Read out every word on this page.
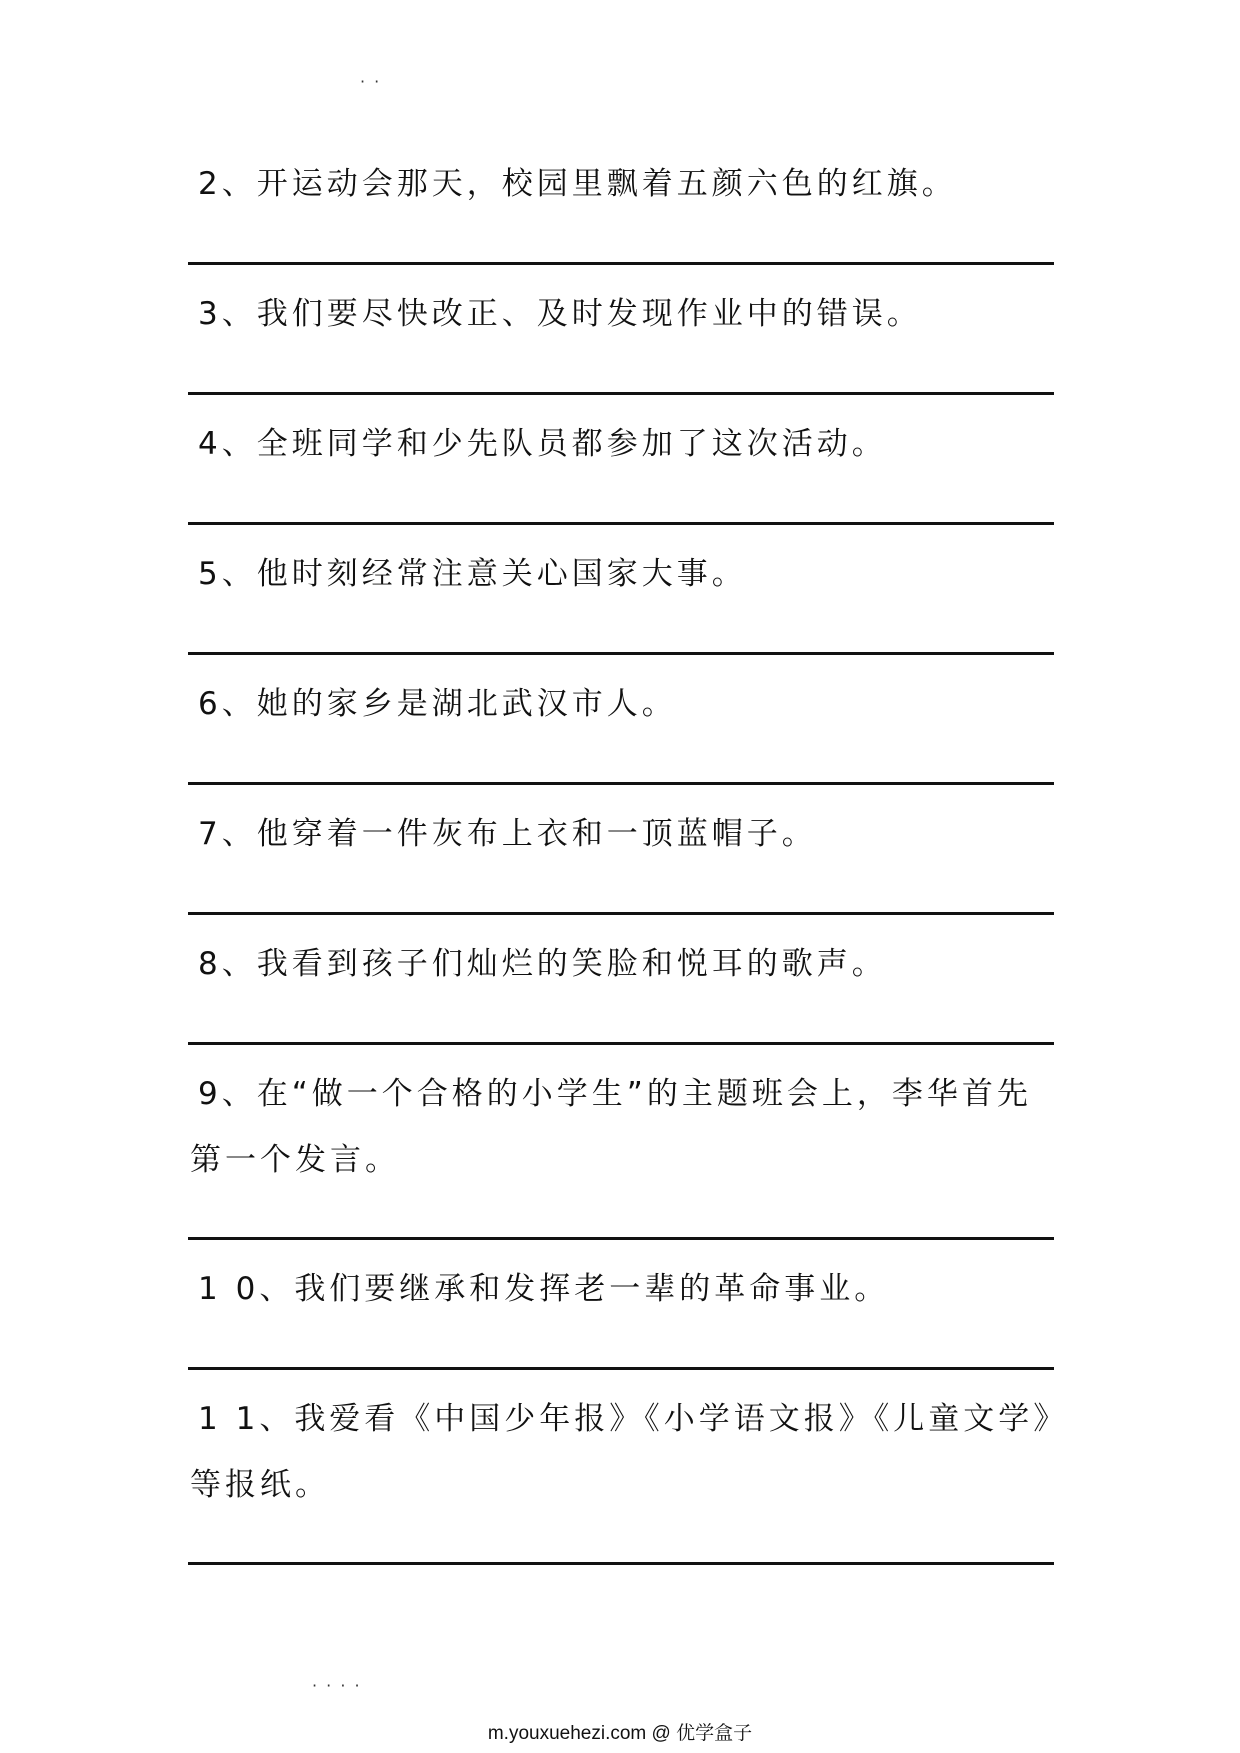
· ·
2、开运动会那天，校园里飘着五颜六色的红旗。
3、我们要尽快改正、及时发现作业中的错误。
4、全班同学和少先队员都参加了这次活动。
5、他时刻经常注意关心国家大事。
6、她的家乡是湖北武汉市人。
7、他穿着一件灰布上衣和一顶蓝帽子。
8、我看到孩子们灿烂的笑脸和悦耳的歌声。
9、在“做一个合格的小学生”的主题班会上，李华首先第一个发言。
1 0、我们要继承和发挥老一辈的革命事业。
1 1、我爱看《中国少年报》《小学语文报》《儿童文学》等报纸。
· · · ·
m.youxuehezi.com @ 优学盒子
